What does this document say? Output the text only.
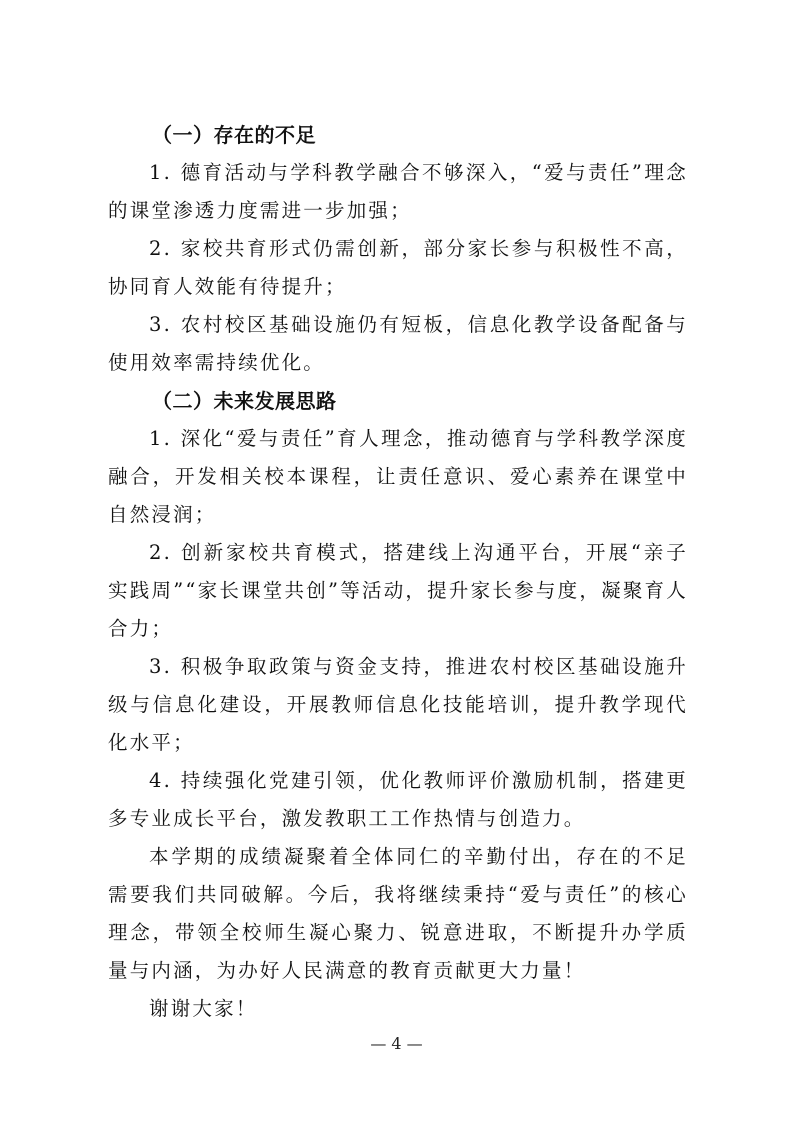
（一）存在的不足

1. 德育活动与学科教学融合不够深入，“爱与责任”理念的课堂渗透力度需进一步加强；

2. 家校共育形式仍需创新，部分家长参与积极性不高，协同育人效能有待提升；

3. 农村校区基础设施仍有短板，信息化教学设备配备与使用效率需持续优化。

（二）未来发展思路

1. 深化“爱与责任”育人理念，推动德育与学科教学深度融合，开发相关校本课程，让责任意识、爱心素养在课堂中自然浸润；

2. 创新家校共育模式，搭建线上沟通平台，开展“亲子实践周”“家长课堂共创”等活动，提升家长参与度，凝聚育人合力；

3. 积极争取政策与资金支持，推进农村校区基础设施升级与信息化建设，开展教师信息化技能培训，提升教学现代化水平；

4. 持续强化党建引领，优化教师评价激励机制，搭建更多专业成长平台，激发教职工工作热情与创造力。

本学期的成绩凝聚着全体同仁的辛勤付出，存在的不足需要我们共同破解。今后，我将继续秉持“爱与责任”的核心理念，带领全校师生凝心聚力、锐意进取，不断提升办学质量与内涵，为办好人民满意的教育贡献更大力量！

谢谢大家！

— 4 —
